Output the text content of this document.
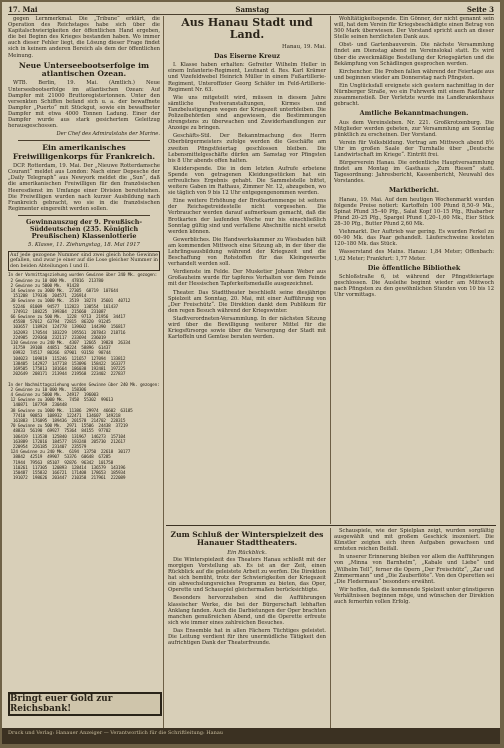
17. Mai	Samstag	Seite 3

gegen Lernmerkmal. Die „Tribune“ erklärt, die Operation des Reichstages habe sich über die Kapitalschwierigkeiten der öffentlichen Hand ergeben, die bei Beginn des Krieges bestanden haben. Wo immer auch dieser Fehler liegt, die Lösung dieser Frage findet sich in keinem anderen Bereich als dem der öffentlichen Meinung.

Neue Unterseebootserfolge im atlantischen Ozean.

WTB. Berlin, 19. Mai. (Amtlich.) Neue Unterseebootserfolge im atlantischen Ozean: Auf Dampfer mit 21000 Bruttoregistertonnen. Unter den versenkten Schiffen befand sich u. a. der bewaffnete Dampfer „Puerto“ mit Stückgut, sowie ein bewaffneter Dampfer mit etwa 4000 Tonnen Ladung. Einer der Dampfer wurde aus stark gesichertem Geleitzug herausgeschossen.

Der Chef des Admiralstabs der Marine.

Ein amerikanisches Freiwilligenkorps für Frankreich.

DCP. Rotterdam, 19. Mai. Der „Nieuwe Rotterdamsche Courant“ meldet aus London: Nach einer Depesche der „Daily Telegraph“ aus Newyork meldet die „Sun“, daß die amerikanischen Freiwilligen für den französischen Heeresdienst im Umfange einer Division bereitstehen. Die Freiwilligen wurden nach kurzer Ausbildung nach Frankreich gebracht, wo sie in die französischen Regimenter eingereiht werden sollen.

Gewinnauszug der 9. Preußisch-Süddeutschen (235. Königlich Preußischen) Klassenlotterie
5. Klasse, 11. Ziehungstag, 18. Mai 1917
Auf jede gezogene Nummer sind zwei gleich hohe Gewinne gefallen, und zwar je einer auf die Lose gleicher Nummer in den beiden Abteilungen I und II.
In der Vormittagsziehung wurden Gewinne über 240 Mk. gezogen:
2 Gewinne zu 10 000 Mk.  47816  213780
2 Gewinne zu 5000 Mk.  91428
14 Gewinne zu 3000 Mk.  27305  68719  107644
151208  179336  204571  226914
30 Gewinne zu 1000 Mk.  3519  18274  35601  40712
52246  81009  94577  112823  130554  161437
174912  188225  199304  215660  231087
66 Gewinne zu 500 Mk.  1228  9713  21956  34417
45588  57012  63794  72815  86320  91245
103657  118924  124778  139602  144390  156817
162093  170544  183229  195561  207843  218716
224985  229360  232117  233694  236019
110 Gewinne zu 240 Mk.  4307  12665  19820  26334
31759  39108  44851  50224  58896  61437
69932  74517  80266  87901  93158  98744
104023  109819  115246  121657  127094  133812
138405  142927  147718  153096  158422  163377
169505  175813  181664  186038  192481  197225
202649  208171  213944  219568  223402  227837

In der Nachmittagsziehung wurden Gewinne über 240 Mk. gezogen:
2 Gewinne zu 10 000 Mk.  158306
4 Gewinne zu 5000 Mk.  24917  196003
12 Gewinne zu 3000 Mk.  7458  55302  99613
140871  187769  230448
38 Gewinne zu 1000 Mk.  11386  29974  46602  63185
77410  90853  108932  122471  134607  149218
161883  176095  189436  201578  214702  228315
70 Gewinne zu 500 Mk.  2971  15506  24438  37219
48833  56190  69927  75364  84155  97702
106419  113538  125840  131967  146273  157104
163889  172016  184577  193248  205730  212617
220954  226185  231407  235579
124 Gewinne zu 240 Mk.  6194  13750  22618  30177
38842  42519  49907  53376  60648  67285
71944  79563  85107  92876  96342  101758
110261  117305  120893  128414  136579  143196
150487  155832  166721  171408  178653  185934
191072  198626  203447  210358  217961  222089
Bringt euer Gold zur Reichsbank!
Aus Hanau Stadt und Land.
Hanau, 19. Mai.
Das Eiserne Kreuz

I. Klasse haben erhalten: Gefreiter Wilhelm Heller in einem Infanterie-Regiment, Leutnant d. Res. Karl Krämer und Vizefeldwebel Heinrich Müller in einem Fußartillerie-Regiment, Unteroffizier Georg Schäfer im Feld-Artillerie-Regiment Nr. 63.

Wie uns mitgeteilt wird, müssen in diesem Jahre sämtliche Festveranstaltungen, Kirmes und Tanzbelustigungen wegen der Kriegszeit unterbleiben. Die Polizeibehörden sind angewiesen, die Bestimmungen strengstens zu überwachen und Zuwiderhandlungen zur Anzeige zu bringen.

Geschäfts-Stil. Der Bekanntmachung des Herrn Oberbürgermeisters zufolge werden die Geschäfte am zweiten Pfingstfeiertag geschlossen bleiben. Die Lebensmittelgeschäfte dürfen am Samstag vor Pfingsten bis 8 Uhr abends offen halten.

Kleiderspende. Die in dem letzten Aufrufe erbetene Spende von getragenen Kleidungsstücken hat ein erfreuliches Ergebnis gehabt. Die Sammelstelle bittet, weitere Gaben im Rathaus, Zimmer Nr. 12, abzugeben, wo sie täglich von 9 bis 12 Uhr entgegengenommen werden.

Eine weitere Erhöhung der Brotkartenmenge ist seitens der Reichsgetreidestelle nicht vorgesehen. Die Verbraucher werden darauf aufmerksam gemacht, daß die Brotkarten der laufenden Woche nur bis einschließlich Sonntag gültig sind und verfallene Abschnitte nicht ersetzt werden können.

Gewerbliches. Die Handwerkskammer zu Wiesbaden hält am kommenden Mittwoch eine Sitzung ab, in der über die Lehrlingsausbildung während der Kriegszeit und die Beschaffung von Rohstoffen für das Kleingewerbe verhandelt werden soll.

Verdienste im Felde. Der Musketier Johann Weber aus Großauheim wurde für tapferes Verhalten vor dem Feinde mit der Hessischen Tapferkeitsmedaille ausgezeichnet.

Theater. Das Stadttheater beschließt seine diesjährige Spielzeit am Sonntag, 20. Mai, mit einer Aufführung von „Der Freischütz“. Die Direktion dankt dem Publikum für den regen Besuch während der Kriegswinter.

Stadtverordneten-Versammlung. In der nächsten Sitzung wird über die Bewilligung weiterer Mittel für die Kriegsfürsorge sowie über die Versorgung der Stadt mit Kartoffeln und Gemüse beraten werden.

Wohltätigkeitsspende. Ein Gönner, der nicht genannt sein will, hat dem Verein für Kriegsbeschädigte einen Betrag von 500 Mark überwiesen. Der Vorstand spricht auch an dieser Stelle seinen herzlichsten Dank aus.

Obst- und Gartenbauverein. Die nächste Versammlung findet am Dienstag abend im Vereinslokal statt. Es wird über die zweckmäßige Bestellung der Kriegsgärten und die Bekämpfung von Schädlingen gesprochen werden.

Kirchenchor. Die Proben fallen während der Feiertage aus und beginnen wieder am Donnerstag nach Pfingsten.

Ein Unglücksfall ereignete sich gestern nachmittag in der Nürnberger Straße, wo ein Fuhrwerk mit einem Radfahrer zusammenstieß. Der Verletzte wurde ins Landkrankenhaus gebracht.

Amtliche Bekanntmachungen.

Aus dem Vereinsleben. Nr. 221. Großkrotzenburg. Die Mitglieder werden gebeten, zur Versammlung am Sonntag pünktlich zu erscheinen. Der Vorstand.

Verein für Volksbildung. Vortrag am Mittwoch abend 8½ Uhr im großen Saale der Turnhalle über „Deutsche Landwirtschaft im Kriege“. Eintritt frei.

Bürgerverein Hanau. Die ordentliche Hauptversammlung findet am Montag im Gasthaus „Zum Riesen“ statt. Tagesordnung: Jahresbericht, Kassenbericht, Neuwahl des Vorstandes.

Marktbericht.

Hanau, 19. Mai. Auf dem heutigen Wochenmarkt wurden folgende Preise notiert: Kartoffeln 100 Pfund 8,50–9 Mk., Spinat Pfund 35–40 Pfg., Salat Kopf 10–15 Pfg., Rhabarber Pfund 20–25 Pfg., Spargel Pfund 1,20–1,60 Mk., Eier Stück 28–30 Pfg., Butter Pfund 2,60 Mk.

Viehmarkt. Der Auftrieb war gering. Es wurden Ferkel zu 60–90 Mk. das Paar gehandelt. Läuferschweine kosteten 120–180 Mk. das Stück.

Wasserstand des Mains. Hanau: 1,84 Meter; Offenbach: 1,62 Meter; Frankfurt: 1,77 Meter.

Die öffentliche Bibliothek

Schloßstraße 6, ist während der Pfingstfeiertage geschlossen. Die Ausleihe beginnt wieder am Mittwoch nach Pfingsten zu den gewöhnlichen Stunden von 10 bis 12 Uhr vormittags.

Zum Schluß der Winterspielzeit des Hanauer Stadttheaters.
Ein Rückblick.

Die Winterspielzeit des Theaters Hanau schließt mit der morgigen Vorstellung ab. Es ist an der Zeit, einen Rückblick auf die geleistete Arbeit zu werfen. Die Direktion hat sich bemüht, trotz der Schwierigkeiten der Kriegszeit ein abwechslungsreiches Programm zu bieten, das Oper, Operette und Schauspiel gleichermaßen berücksichtigte.

Besonders hervorzuheben sind die Aufführungen klassischer Werke, die bei der Bürgerschaft lebhaften Anklang fanden. Auch die Darbietungen der Oper brachten manchen genußreichen Abend, und die Operette erfreute sich wie immer eines zahlreichen Besuches.

Das Ensemble hat in allen Fächern Tüchtiges geleistet. Die Leitung verdient für ihre unermüdliche Tätigkeit den aufrichtigen Dank der Theaterfreunde.

Schauspiele, wie der Spielplan zeigt, wurden sorgfältig ausgewählt und mit großem Geschick inszeniert. Die Künstler zeigten sich ihren Aufgaben gewachsen und ernteten reichen Beifall.

In unserer Erinnerung bleiben vor allem die Aufführungen von „Minna von Barnhelm“, „Kabale und Liebe“ und „Wilhelm Tell“, ferner die Opern „Der Freischütz“, „Zar und Zimmermann“ und „Die Zauberflöte“. Von den Operetten sei „Die Fledermaus“ besonders erwähnt.

Wir hoffen, daß die kommende Spielzeit unter günstigeren Verhältnissen beginnen möge, und wünschen der Direktion auch fernerhin vollen Erfolg.

Druck und Verlag: Hanauer Anzeiger — Verantwortlich für die Schriftleitung: Hanau
